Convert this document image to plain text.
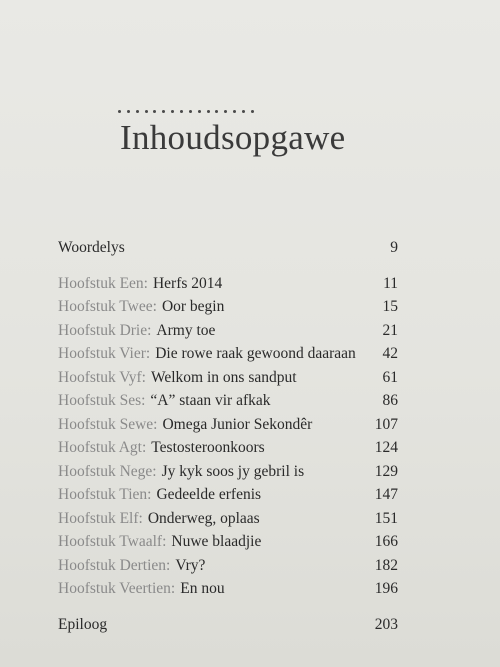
Inhoudsopgawe
Woordelys	9
Hoofstuk Een: Herfs 2014	11
Hoofstuk Twee: Oor begin	15
Hoofstuk Drie: Army toe	21
Hoofstuk Vier: Die rowe raak gewoond daaraan 42
Hoofstuk Vyf: Welkom in ons sandput	61
Hoofstuk Ses: “A” staan vir afkak	86
Hoofstuk Sewe: Omega Junior Sekondêr	107
Hoofstuk Agt: Testosteroonkoors	124
Hoofstuk Nege: Jy kyk soos jy gebril is	129
Hoofstuk Tien: Gedeelde erfenis	147
Hoofstuk Elf: Onderweg, oplaas	151
Hoofstuk Twaalf: Nuwe blaadjie	166
Hoofstuk Dertien: Vry?	182
Hoofstuk Veertien: En nou	196
Epiloog	203
